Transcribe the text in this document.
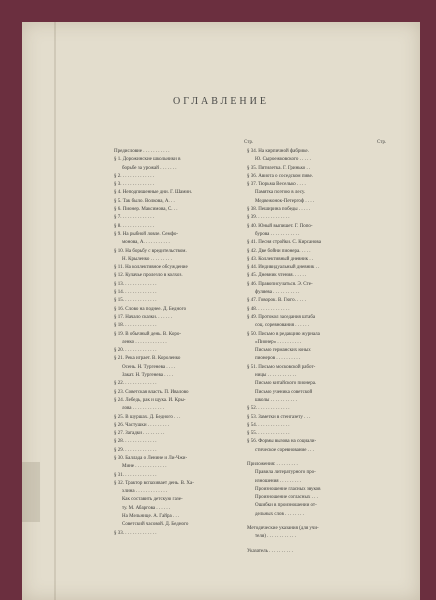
ОГЛАВЛЕНИЕ
Стр.	Стр.
Предисловие . . . . . . . . . . .
§ 1. Дорожинские школьники в
борьбе за урожай . . . . . . .
§ 2. . . . . . . . . . . . . .
§ 3. . . . . . . . . . . . . .
§ 4. Неподпишенные дни. Г. Шамин.
§ 5. Так было. Волкова, А. . .
§ 6. Пионер. Максимова, С. . .
§ 7. . . . . . . . . . . . . .
§ 8. . . . . . . . . . . . . .
§ 9. На рыбной ловле. Семфо-
монова, А. . . . . . . . . . .
§ 10. На борьбу с вредительством.
Н. Крыленко . . . . . . . . .
§ 11. На коллективное обсуждение
§ 12. Кулачье пролезло в колхоз.
§ 13. . . . . . . . . . . . . .
§ 14. . . . . . . . . . . . . .
§ 15. . . . . . . . . . . . . .
§ 16. Слово на поднее. Д. Бедного
§ 17. Начало сказки. . . . . . .
§ 18. . . . . . . . . . . . . .
§ 19. В обычный день. В. Коро-
ленко . . . . . . . . . . . . .
§ 20. . . . . . . . . . . . . .
§ 21. Река играет. В. Короленко
Осень. Н. Тургенева . . . .
Закат. Н. Тургенева . . . .
§ 22. . . . . . . . . . . . . .
§ 23. Советская власть. П. Ивалово
§ 24. Лебедь, рак и щука. И. Кры-
лова . . . . . . . . . . . . .
§ 25. В шуршах. Д. Бедного . . .
§ 26. Частушки . . . . . . . . .
§ 27. Загадки . . . . . . . . .
§ 28. . . . . . . . . . . . . .
§ 29. . . . . . . . . . . . . .
§ 30. Баллада о Ленине и Ли-Чжи-
Мине . . . . . . . . . . . . .
§ 31. . . . . . . . . . . . . .
§ 32. Трактор вспахивает день. В. Ха-
хлина . . . . . . . . . . . . .
Как составить детскую газе-
ту. М. Абаргова . . . . . .
На Мельнице. А. Гайра . . .
Советский часовой. Д. Бедного
§ 33. . . . . . . . . . . . . .
§ 34. На кирпичной фабрике.
Ю. Сыроежковского . . . . .
§ 35. Пятилетка. Г. Гринько . .
§ 36. Авиота о соседском пиве.
§ 37. Тюрьма Веселько . . . .
Памятка поэтою в лесу.
Медвежонок-Петергоф . . . .
§ 38. Пеширина победы . . . . .
§ 39. . . . . . . . . . . . . .
§ 40. Юный выпишет. Г. Попо-
бурова . . . . . . . . . . . .
§ 41. Песня стройки. С. Кирсанова
§ 42. Две бойни пионера. . . . .
§ 43. Коллективный дневник . .
§ 44. Индивидуальный дневник . .
§ 45. Дневник чтения. . . . . .
§ 46. Правописучаться. Э. Сте-
фуляева . . . . . . . . . . .
§ 47. Говорок. В. Гюго. . . . .
§ 48. . . . . . . . . . . . . .
§ 49. Протокол заседания штаба
соц. соревнования . . . . . .
§ 50. Письмо в редакцию журнала
«Пионер» . . . . . . . . . .
Письмо германских юных
пионеров . . . . . . . . . .
§ 51. Письмо московской работ-
ницы . . . . . . . . . . . .
Письмо китайского пионера.
Письмо ученика советской
школы . . . . . . . . . . .
§ 52. . . . . . . . . . . . . .
§ 53. Заметки в стенгазету . . .
§ 54. . . . . . . . . . . . . .
§ 55. . . . . . . . . . . . . .
§ 56. Формы вызова на социали-
стическое соревнование . . .
Приложения: . . . . . . . . .
Правила литературного про-
изношения . . . . . . . . .
Произношение гласных звуков
Произношение согласных . . .
Ошибки в произношении от-
дельных слов . . . . . . . .
Методические указания (для учи-
теля) . . . . . . . . . . . .
Указатель . . . . . . . . . .
